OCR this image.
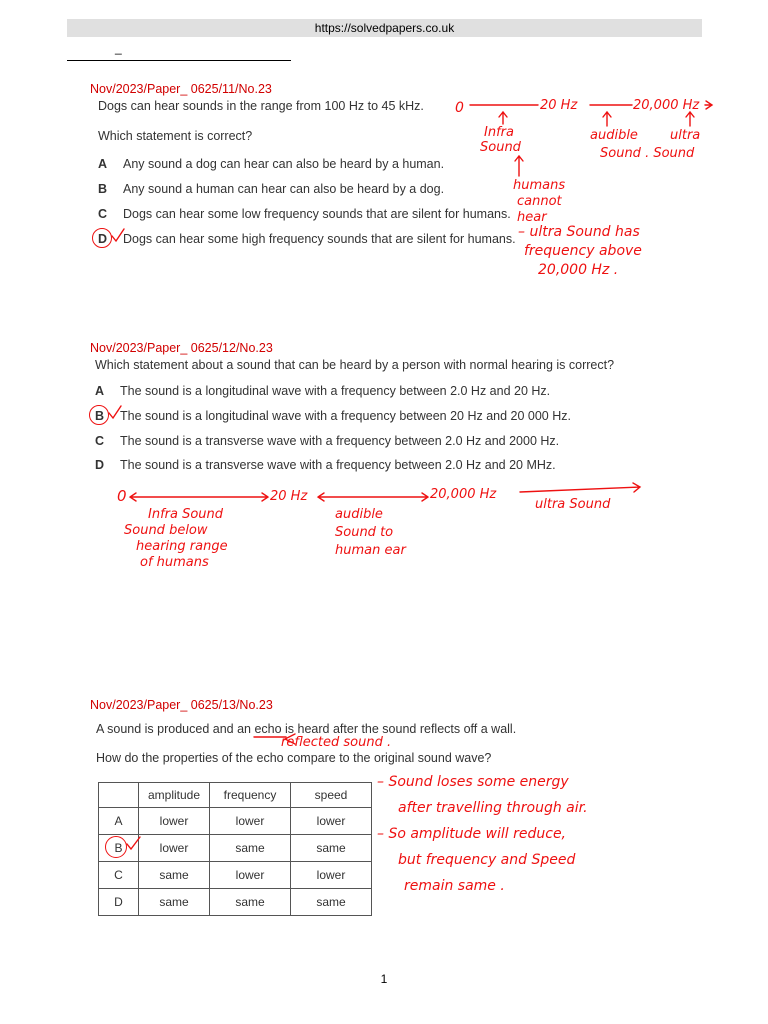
https://solvedpapers.co.uk
_
Nov/2023/Paper_ 0625/11/No.23
Dogs can hear sounds in the range from 100 Hz to 45 kHz.
Which statement is correct?
A Any sound a dog can hear can also be heard by a human.
B Any sound a human can hear can also be heard by a dog.
C Dogs can hear some low frequency sounds that are silent for humans.
D Dogs can hear some high frequency sounds that are silent for humans.
0	20 Hz	20,000 Hz
Infra
Sound
audible ultra
Sound . Sound
humans
cannot
hear
– ultra Sound has
frequency above
20,000 Hz .
Nov/2023/Paper_ 0625/12/No.23
Which statement about a sound that can be heard by a person with normal hearing is correct?
A The sound is a longitudinal wave with a frequency between 2.0 Hz and 20 Hz.
B The sound is a longitudinal wave with a frequency between 20 Hz and 20 000 Hz.
C The sound is a transverse wave with a frequency between 2.0 Hz and 2000 Hz.
D The sound is a transverse wave with a frequency between 2.0 Hz and 20 MHz.
0	20 Hz	20,000 Hz
Infra Sound
Sound below
hearing range
of humans
audible
Sound to
human ear
ultra Sound
Nov/2023/Paper_ 0625/13/No.23
A sound is produced and an echo is heard after the sound reflects off a wall.
How do the properties of the echo compare to the original sound wave?
	amplitude	frequency	speed
A	lower	lower	lower
B	lower	same	same
C	same	lower	lower
D	same	same	same
reflected sound .
– Sound loses some energy
after travelling through air.
– So amplitude will reduce,
but frequency and Speed
remain same .
1
